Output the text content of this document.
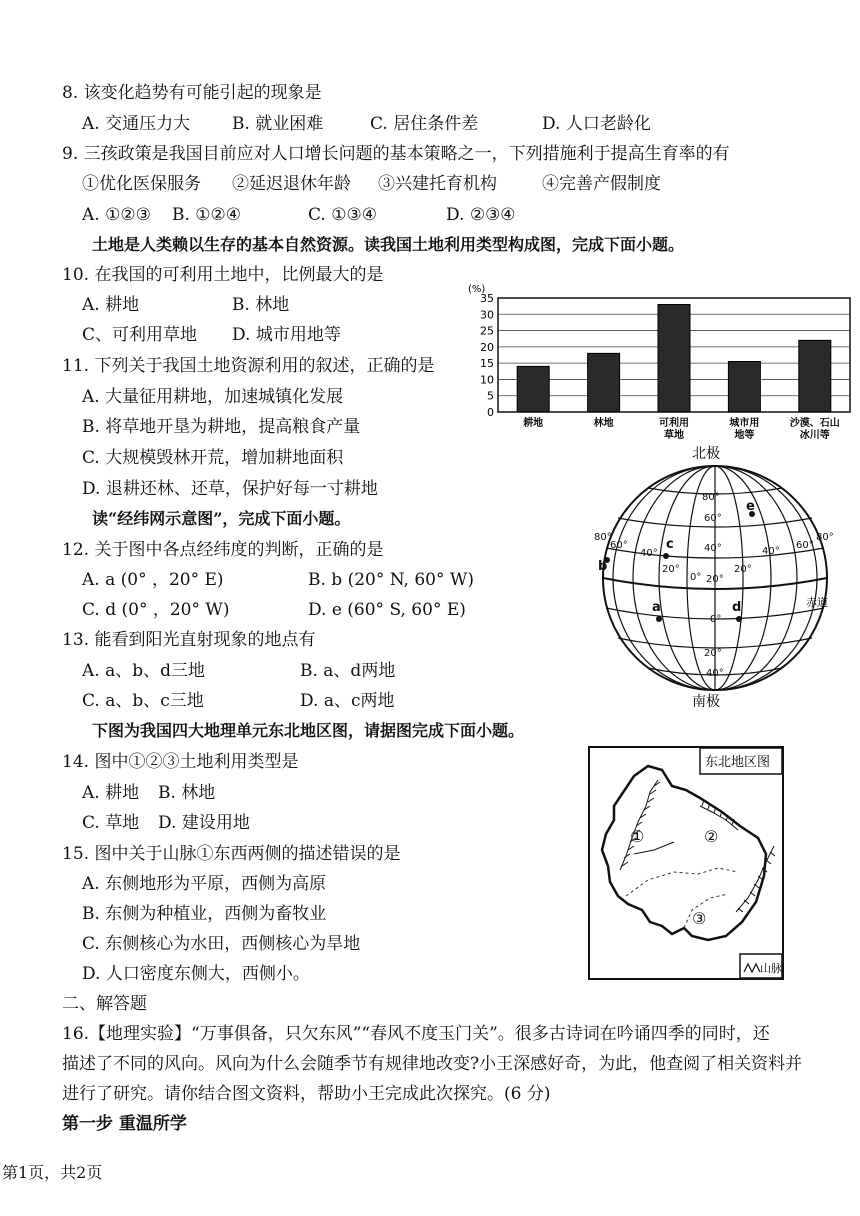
8. 该变化趋势有可能引起的现象是
A. 交通压力大 B. 就业困难	C. 居住条件差	D. 人口老龄化
9. 三孩政策是我国目前应对人口增长问题的基本策略之一，下列措施利于提高生育率的有
①优化医保服务 ②延迟退休年龄 ③兴建托育机构	④完善产假制度
A. ①②③ B. ①②④	C. ①③④	D. ②③④
土地是人类赖以生存的基本自然资源。读我国土地利用类型构成图，完成下面小题。
10. 在我国的可利用土地中，比例最大的是
A. 耕地	B. 林地
C、可利用草地 D. 城市用地等
11. 下列关于我国土地资源利用的叙述，正确的是
A. 大量征用耕地，加速城镇化发展
B. 将草地开垦为耕地，提高粮食产量
C. 大规模毁林开荒，增加耕地面积
D. 退耕还林、还草，保护好每一寸耕地
读“经纬网示意图”，完成下面小题。
12. 关于图中各点经纬度的判断，正确的是
A. a (0° ，20° E)	B. b (20° N, 60° W)
C. d (0° ，20° W)	D. e (60° S, 60° E)
13. 能看到阳光直射现象的地点有
A. a、b、d三地	B. a、d两地
C. a、b、c三地	D. a、c两地
下图为我国四大地理单元东北地区图，请据图完成下面小题。
14. 图中①②③土地利用类型是
A. 耕地 B. 林地
C. 草地 D. 建设用地
15. 图中关于山脉①东西两侧的描述错误的是
A. 东侧地形为平原，西侧为高原
B. 东侧为种植业，西侧为畜牧业
C. 东侧核心为水田，西侧核心为旱地
D. 人口密度东侧大，西侧小。
二、解答题
16.【地理实验】“万事俱备，只欠东风”“春风不度玉门关”。很多古诗词在吟诵四季的同时，还
描述了不同的风向。风向为什么会随季节有规律地改变?小王深感好奇，为此，他查阅了相关资料并
进行了研究。请你结合图文资料，帮助小王完成此次探究。(6 分)
第一步 重温所学
第1页，共2页
(%)
0
5
10
15
20
25
30
35
耕地	林地	可利用
草地
城市用
地等
沙漠、石山
冰川等
北极
80°
60°
40°
20°
0°
20°
40°
80°
60°
40°
20°
0°
20°
40°
60°
80°
赤道
a
b
c
d
e
南极
东北地区图
①	②
③
山脉
